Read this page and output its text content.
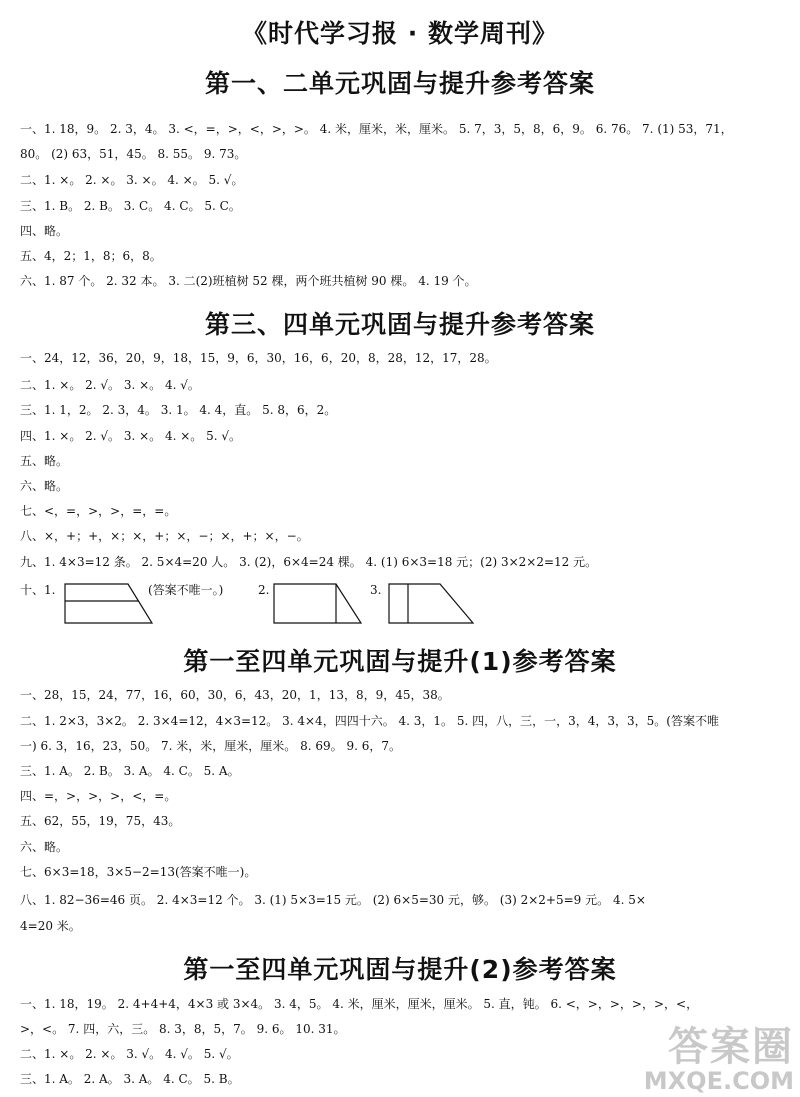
《时代学习报 · 数学周刊》
第一、二单元巩固与提升参考答案
一、1. 18，9。 2. 3，4。 3. <，=，>，<，>，>。 4. 米，厘米，米，厘米。 5. 7，3，5，8，6，9。 6. 76。 7. (1) 53，71，
80。 (2) 63，51，45。 8. 55。 9. 73。
二、1. ×。 2. ×。 3. ×。 4. ×。 5. √。
三、1. B。 2. B。 3. C。 4. C。 5. C。
四、略。
五、4，2；1，8；6，8。
六、1. 87 个。 2. 32 本。 3. 二(2)班植树 52 棵，两个班共植树 90 棵。 4. 19 个。
第三、四单元巩固与提升参考答案
一、24，12，36，20，9，18，15，9，6，30，16，6，20，8，28，12，17，28。
二、1. ×。 2. √。 3. ×。 4. √。
三、1. 1，2。 2. 3，4。 3. 1。 4. 4，直。 5. 8，6，2。
四、1. ×。 2. √。 3. ×。 4. ×。 5. √。
五、略。
六、略。
七、<，=，>，>，=，=。
八、×，+；+，×；×，+；×，−；×，+；×，−。
九、1. 4×3=12 条。 2. 5×4=20 人。 3. (2)，6×4=24 棵。 4. (1) 6×3=18 元；(2) 3×2×2=12 元。
十、1.	(答案不唯一。)	2.	3.
第一至四单元巩固与提升(1)参考答案
一、28，15，24，77，16，60，30，6，43，20，1，13，8，9，45，38。
二、1. 2×3，3×2。 2. 3×4=12，4×3=12。 3. 4×4，四四十六。 4. 3，1。 5. 四，八，三，一，3，4，3，3，5。(答案不唯
一) 6. 3，16，23，50。 7. 米，米，厘米，厘米。 8. 69。 9. 6，7。
三、1. A。 2. B。 3. A。 4. C。 5. A。
四、=，>，>，>，<，=。
五、62，55，19，75，43。
六、略。
七、6×3=18，3×5−2=13(答案不唯一)。
八、1. 82−36=46 页。 2. 4×3=12 个。 3. (1) 5×3=15 元。 (2) 6×5=30 元，够。 (3) 2×2+5=9 元。 4. 5×
4=20 米。
第一至四单元巩固与提升(2)参考答案
一、1. 18，19。 2. 4+4+4，4×3 或 3×4。 3. 4，5。 4. 米，厘米，厘米，厘米。 5. 直，钝。 6. <，>，>，>，>，<，
>，<。 7. 四，六，三。 8. 3，8，5，7。 9. 6。 10. 31。
二、1. ×。 2. ×。 3. √。 4. √。 5. √。
三、1. A。 2. A。 3. A。 4. C。 5. B。
答案圈
MXQE.COM
